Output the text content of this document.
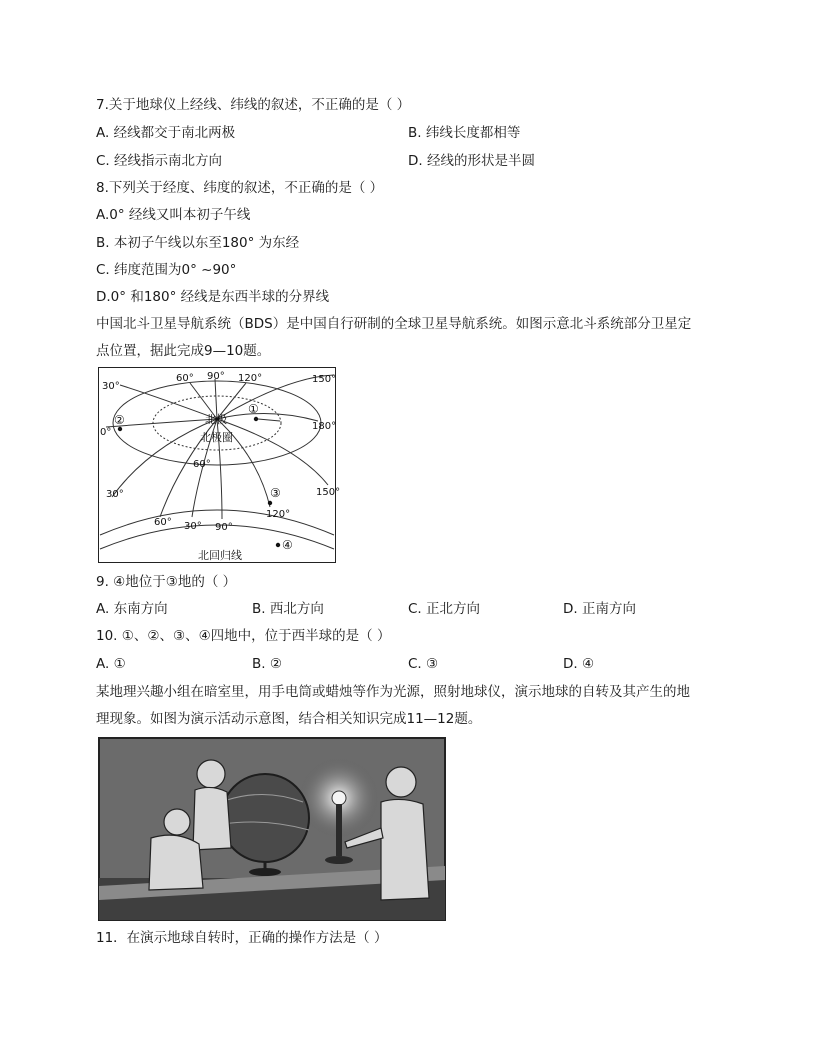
7.关于地球仪上经线、纬线的叙述，不正确的是（ ）
A. 经线都交于南北两极	B. 纬线长度都相等
C. 经线指示南北方向	D. 经线的形状是半圆
8.下列关于经度、纬度的叙述，不正确的是（ ）
A.0° 经线又叫本初子午线
B. 本初子午线以东至180° 为东经
C. 纬度范围为0° ~90°
D.0° 和180° 经线是东西半球的分界线
中国北斗卫星导航系统（BDS）是中国自行研制的全球卫星导航系统。如图示意北斗系统部分卫星定
点位置，据此完成9—10题。
60° 90° 120°	150°
30°
0°
180°
北极
北极圈
60°
30°	150°
120°
60° 30° 90°
北回归线
②
①
③
④
9. ④地位于③地的（ ）
A. 东南方向	B. 西北方向	C. 正北方向	D. 正南方向
10. ①、②、③、④四地中，位于西半球的是（ ）
A. ①	B. ②	C. ③	D. ④
某地理兴趣小组在暗室里，用手电筒或蜡烛等作为光源，照射地球仪，演示地球的自转及其产生的地
理现象。如图为演示活动示意图，结合相关知识完成11—12题。
11．在演示地球自转时，正确的操作方法是（ ）
